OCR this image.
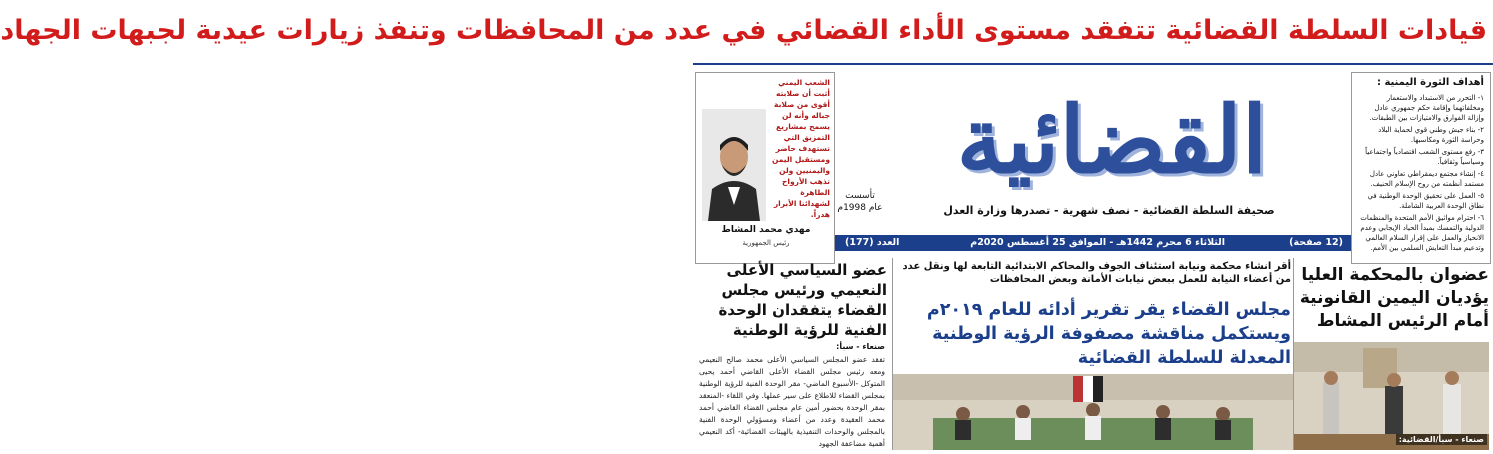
قيادات السلطة القضائية تتفقد مستوى الأداء القضائي في عدد من المحافظات وتنفذ زيارات عيدية لجبهات الجهاد
أهداف الثورة اليمنية :

١- التحرر من الاستبداد والاستعمار ومخلفاتهما وإقامة حكم جمهوري عادل وإزالة الفوارق والامتيازات بين الطبقات.

٢- بناء جيش وطني قوي لحماية البلاد وحراسة الثورة ومكاسبها.

٣- رفع مستوى الشعب اقتصادياً واجتماعياً وسياسياً وثقافياً.

٤- إنشاء مجتمع ديمقراطي تعاوني عادل مستمد أنظمته من روح الإسلام الحنيف.

٥- العمل على تحقيق الوحدة الوطنية في نطاق الوحدة العربية الشاملة.

٦- احترام مواثيق الأمم المتحدة والمنظمات الدولية والتمسك بمبدأ الحياد الإيجابي وعدم الانحياز والعمل على إقرار السلام العالمي وتدعيم مبدأ التعايش السلمي بين الأمم.

القضائية
صحيفة السلطة القضائية - نصف شهرية - تصدرها وزارة العدل
تأسست
عام 1998م
الشعب اليمني أثبت أن صلابته أقوى من صلابة جباله وأنه لن يسمح بمشاريع التمزيق التي تستهدف حاضر ومستقبل اليمن واليمنيين ولن تذهب الأرواح الطاهرة لشهدائنا الأبرار هدراً.
مهدي محمد المشاط
رئيس الجمهورية	(12 صفحة)
الثلاثاء 6 محرم 1442هـ - الموافق 25 أغسطس 2020م
العدد (177)
عضوان بالمحكمة العليا يؤديان اليمين القانونية أمام الرئيس المشاط
صنعاء - سبأ/القضائية:
أقر انشاء محكمة ونيابة استئناف الجوف والمحاكم الابتدائية التابعة لها ونقل عدد من أعضاء النيابة للعمل ببعض نيابات الأمانة وبعض المحافظات
مجلس القضاء يقر تقرير أدائه للعام ٢٠١٩م ويستكمل مناقشة مصفوفة الرؤية الوطنية المعدلة للسلطة القضائية
عضو السياسي الأعلى النعيمي ورئيس مجلس القضاء يتفقدان الوحدة الفنية للرؤية الوطنية
صنعاء - سبأ:
تفقد عضو المجلس السياسي الأعلى محمد صالح النعيمي ومعه رئيس مجلس القضاء الأعلى القاضي أحمد يحيى المتوكل -الأسبوع الماضي- مقر الوحدة الفنية للرؤية الوطنية بمجلس القضاء للاطلاع على سير عملها. وفي اللقاء -المنعقد بمقر الوحدة بحضور أمين عام مجلس القضاء القاضي أحمد محمد العقيدة وعدد من أعضاء ومسؤولي الوحدة الفنية بالمجلس والوحدات التنفيذية بالهيئات القضائية- أكد النعيمي أهمية مضاعفة الجهود
